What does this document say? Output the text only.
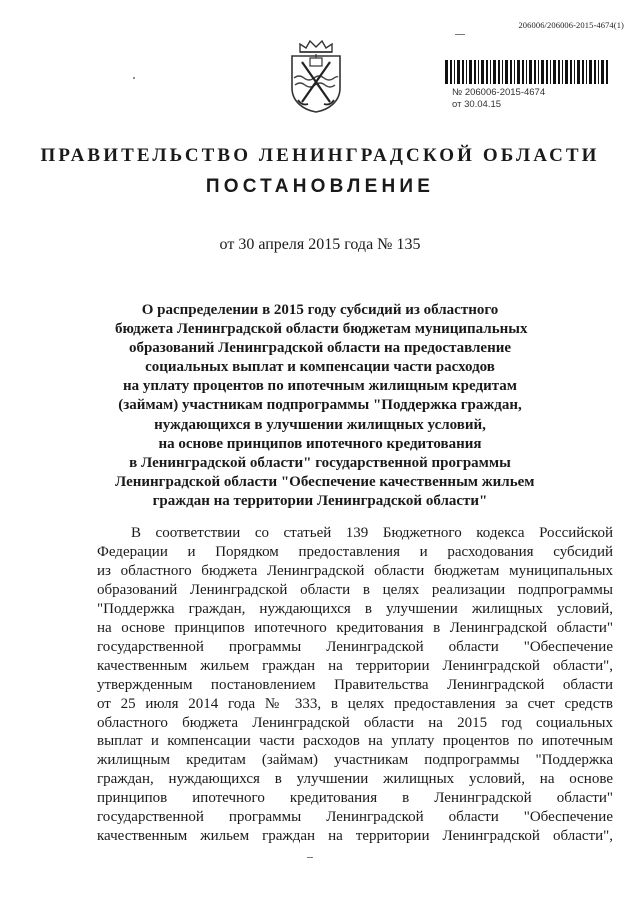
206006/206006-2015-4674(1)
№ 206006-2015-4674
от 30.04.15
ПРАВИТЕЛЬСТВО ЛЕНИНГРАДСКОЙ ОБЛАСТИ
ПОСТАНОВЛЕНИЕ
от 30 апреля 2015 года № 135
О распределении в 2015 году субсидий из областного
бюджета Ленинградской области бюджетам муниципальных
образований Ленинградской области на предоставление
социальных выплат и компенсации части расходов
на уплату процентов по ипотечным жилищным кредитам
(займам) участникам подпрограммы "Поддержка граждан,
нуждающихся в улучшении жилищных условий,
на основе принципов ипотечного кредитования
в Ленинградской области" государственной программы
Ленинградской области "Обеспечение качественным жильем
граждан на территории Ленинградской области"
В соответствии со статьей 139 Бюджетного кодекса Российской
Федерации и Порядком предоставления и расходования субсидий
из областного бюджета Ленинградской области бюджетам муниципальных
образований Ленинградской области в целях реализации подпрограммы
"Поддержка граждан, нуждающихся в улучшении жилищных условий,
на основе принципов ипотечного кредитования в Ленинградской области"
государственной программы Ленинградской области "Обеспечение
качественным жильем граждан на территории Ленинградской области",
утвержденным постановлением Правительства Ленинградской области
от 25 июля 2014 года № 333, в целях предоставления за счет средств
областного бюджета Ленинградской области на 2015 год социальных
выплат и компенсации части расходов на уплату процентов по ипотечным
жилищным кредитам (займам) участникам подпрограммы "Поддержка
граждан, нуждающихся в улучшении жилищных условий, на основе
принципов ипотечного кредитования в Ленинградской области"
государственной программы Ленинградской области "Обеспечение
качественным жильем граждан на территории Ленинградской области",
